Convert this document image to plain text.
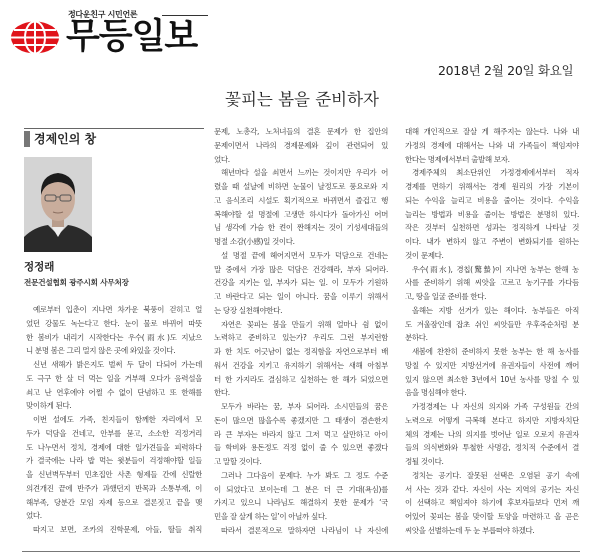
정다운친구 시민언론
무등일보
2018년 2월 20일 화요일
꽃피는 봄을 준비하자
경제인의 창
정정래
전문건설협회 광주시회 사무처장
예로부터 입춘이 지나면 차가운 북풍이 걷히고 얼
었던 강물도 녹는다고 한다. 눈이 물로 바뀌어 따뜻
한 봄비가 내리기 시작한다는 우수(雨水)도 지났으
니 분명 봄은 그리 멀지 않은 곳에 와있을 것이다.
신년 새해가 밝은지도 벌써 두 달이 다되어 가는데
도 극구 한 살 더 먹는 일을 거부해 오다가 음력설을
쇠고 난 연후에야 어쩔 수 없이 단념하고 또 한해를
맞이하게 된다.
이번 설에도 가족, 친지들이 함께한 자리에서 모
두가 덕담을 건네고, 안부를 묻고, 소소한 걱정거리
도 나누면서 정치, 경제에 대한 일가견들을 피력하다
가 결국에는 나라 밥 먹는 윗분들이 걱정해야할 일들
을 신년벽두부터 민초집안 사촌 형제들 간에 신랄한
의견개진 끝에 반주가 과했던지 반목과 소통부재, 이
해부족, 당분간 모임 자제 등으로 결론짓고 끝을 맺
었다.
따지고 보면, 조카의 진학문제, 아들, 딸들 취직
문제, 노총각, 노처녀들의 결혼 문제가 한 집안의
문제이면서 나라의 경제문제와 깊이 관련되어 있
었다.
해년마다 설을 쇠면서 느끼는 것이지만 우리가 어
렸을 때 설날에 비하면 눈물이 날정도로 풍요로와 지
고 음식조리 시설도 획기적으로 바뀌면서 즐겁고 행
복해야할 설 명절에 고생만 하시다가 돌아가신 어머
님 생각에 가슴 한 켠이 짠해지는 것이 기성세대들의
명절 소감(小感)일 것이다.
설 명절 끝에 헤어지면서 모두가 덕담으로 건네는
말 중에서 가장 많은 덕담은 건강해라, 부자 되어라.
건강을 지키는 일, 부자가 되는 일. 이 모두가 기원하
고 바란다고 되는 일이 아니다. 꿈을 이루기 위해서
는 당장 실천해야한다.
자연은 꽃피는 봄을 만들기 위해 얼마나 쉼 없이
노력하고 준비하고 있는가? 우리도 그런 부지런함
과 한 치도 어긋남이 없는 정직함을 자연으로부터 배
워서 건강을 지키고 유지하기 위해서는 새해 아침부
터 한 가지라도 결심하고 실천하는 한 해가 되었으면
한다.
모두가 바라는 꿈, 부자 되어라. 소시민들의 꿈은
돈이 많으면 많을수록 좋겠지만 그 태생이 겸손한지
라 큰 부자는 바라지 않고 그저 먹고 살만하고 아이
들 학비와 용돈정도 걱정 없이 줄 수 있으면 좋겠다
고 말할 것이다.
그러나 그다음이 문제다. 누가 봐도 그 정도 수준
이 되었다고 보이는데 그 분은 더 큰 기대(욕심)를
가지고 있으니 나라님도 해결하지 못한 문제가 ‘국
민을 잘 살게 하는 일’이 아닐까 싶다.
따라서 결론적으로 말하자면 나라님이 나 자신에
대해 개인적으로 잘살 게 해주지는 않는다. 나와 내
가정의 경제에 대해서는 나와 내 가족들이 책임져야
한다는 명제에서부터 출발해 보자.
경제주체의 최소단위인 가정경제에서부터 적자
경제를 면하기 위해서는 경제 원리의 가장 기본이
되는 수익을 늘리고 비용을 줄이는 것이다. 수익을
늘리는 방법과 비용을 줄이는 방법은 분명히 있다.
작은 것부터 실천하면 성과는 정직하게 나타날 것
이다. 내가 변하지 않고 주변이 변화되기를 원하는
것이 문제다.
우수(雨水), 경칩(驚蟄)이 지나면 농부는 한해 농
사를 준비하기 위해 씨앗을 고르고 농기구를 가다듬
고, 땅을 일굴 준비를 한다.
올해는 지방 선거가 있는 해이다. 농부들은 아직
도 겨울잠인데 잡초 쉬인 씨앗들만 우후죽순처럼 분
분하다.
새봄에 찬찬히 준비하지 못한 농부는 한 해 농사를
망칠 수 있지만 지방선거에 유권자들이 사전에 깨어
있지 않으면 최소한 3년에서 10년 농사를 망칠 수 있
음을 명심해야 한다.
가정경제는 나 자신의 의지와 가족 구성원들 간의
노력으로 어떻게 극복해 본다고 하지만 지방자치단
체의 경제는 나의 의지를 벗어난 일로 오로지 유권자
들의 의식변화와 투철한 사명감, 정치적 수준에서 결
정될 것이다.
정치는 공기다. 잘못된 선택은 오염된 공기 속에
서 사는 것과 같다. 자신이 사는 지역의 공기는 자신
이 선택하고 책임져야 하기에 후보자들보다 먼저 깨
어있어 꽃피는 봄을 맞이할 토양을 마련하고 올 곧은
씨앗을 선별하는데 두 눈 부릅떠야 하겠다.
